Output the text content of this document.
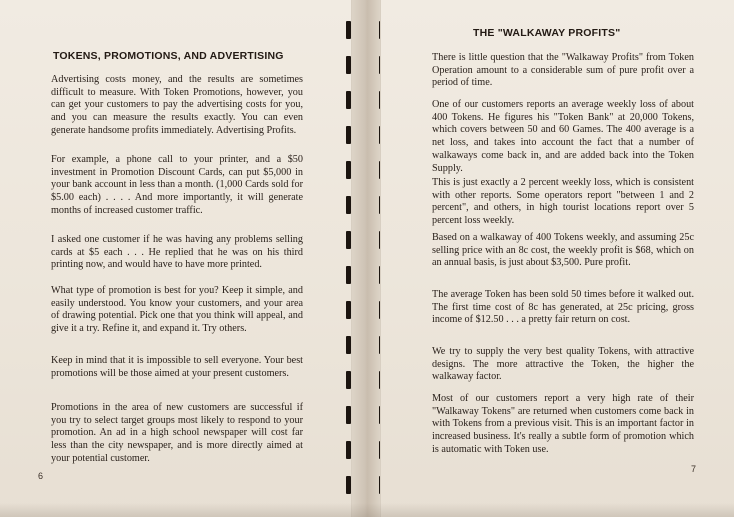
TOKENS, PROMOTIONS, AND ADVERTISING

Advertising costs money, and the results are sometimes difficult to measure. With Token Promotions, however, you can get your customers to pay the advertising costs for you, and you can measure the results exactly. You can even generate handsome profits immediately. Advertising Profits.

For example, a phone call to your printer, and a $50 investment in Promotion Discount Cards, can put $5,000 in your bank account in less than a month. (1,000 Cards sold for $5.00 each) . . . . And more importantly, it will generate months of increased customer traffic.

I asked one customer if he was having any problems selling cards at $5 each . . . He replied that he was on his third printing now, and would have to have more printed.

What type of promotion is best for you? Keep it simple, and easily understood. You know your customers, and your area of drawing potential. Pick one that you think will appeal, and give it a try. Refine it, and expand it. Try others.

Keep in mind that it is impossible to sell everyone. Your best promotions will be those aimed at your present customers.

Promotions in the area of new customers are successful if you try to select target groups most likely to respond to your promotion. An ad in a high school newspaper will cost far less than the city newspaper, and is more directly aimed at your potential customer.

6
THE "WALKAWAY PROFITS"

There is little question that the "Walkaway Profits" from Token Operation amount to a considerable sum of pure profit over a period of time.

One of our customers reports an average weekly loss of about 400 Tokens. He figures his "Token Bank" at 20,000 Tokens, which covers between 50 and 60 Games. The 400 average is a net loss, and takes into account the fact that a number of walkaways come back in, and are added back into the Token Supply.

This is just exactly a 2 percent weekly loss, which is consistent with other reports. Some operators report "between 1 and 2 percent", and others, in high tourist locations report over 5 percent loss weekly.

Based on a walkaway of 400 Tokens weekly, and assuming 25c selling price with an 8c cost, the weekly profit is $68, which on an annual basis, is just about $3,500. Pure profit.

The average Token has been sold 50 times before it walked out. The first time cost of 8c has generated, at 25c pricing, gross income of $12.50 . . . a pretty fair return on cost.

We try to supply the very best quality Tokens, with attractive designs. The more attractive the Token, the higher the walkaway factor.

Most of our customers report a very high rate of their "Walkaway Tokens" are returned when customers come back in with Tokens from a previous visit. This is an important factor in increased business. It's really a subtle form of promotion which is automatic with Token use.

7
